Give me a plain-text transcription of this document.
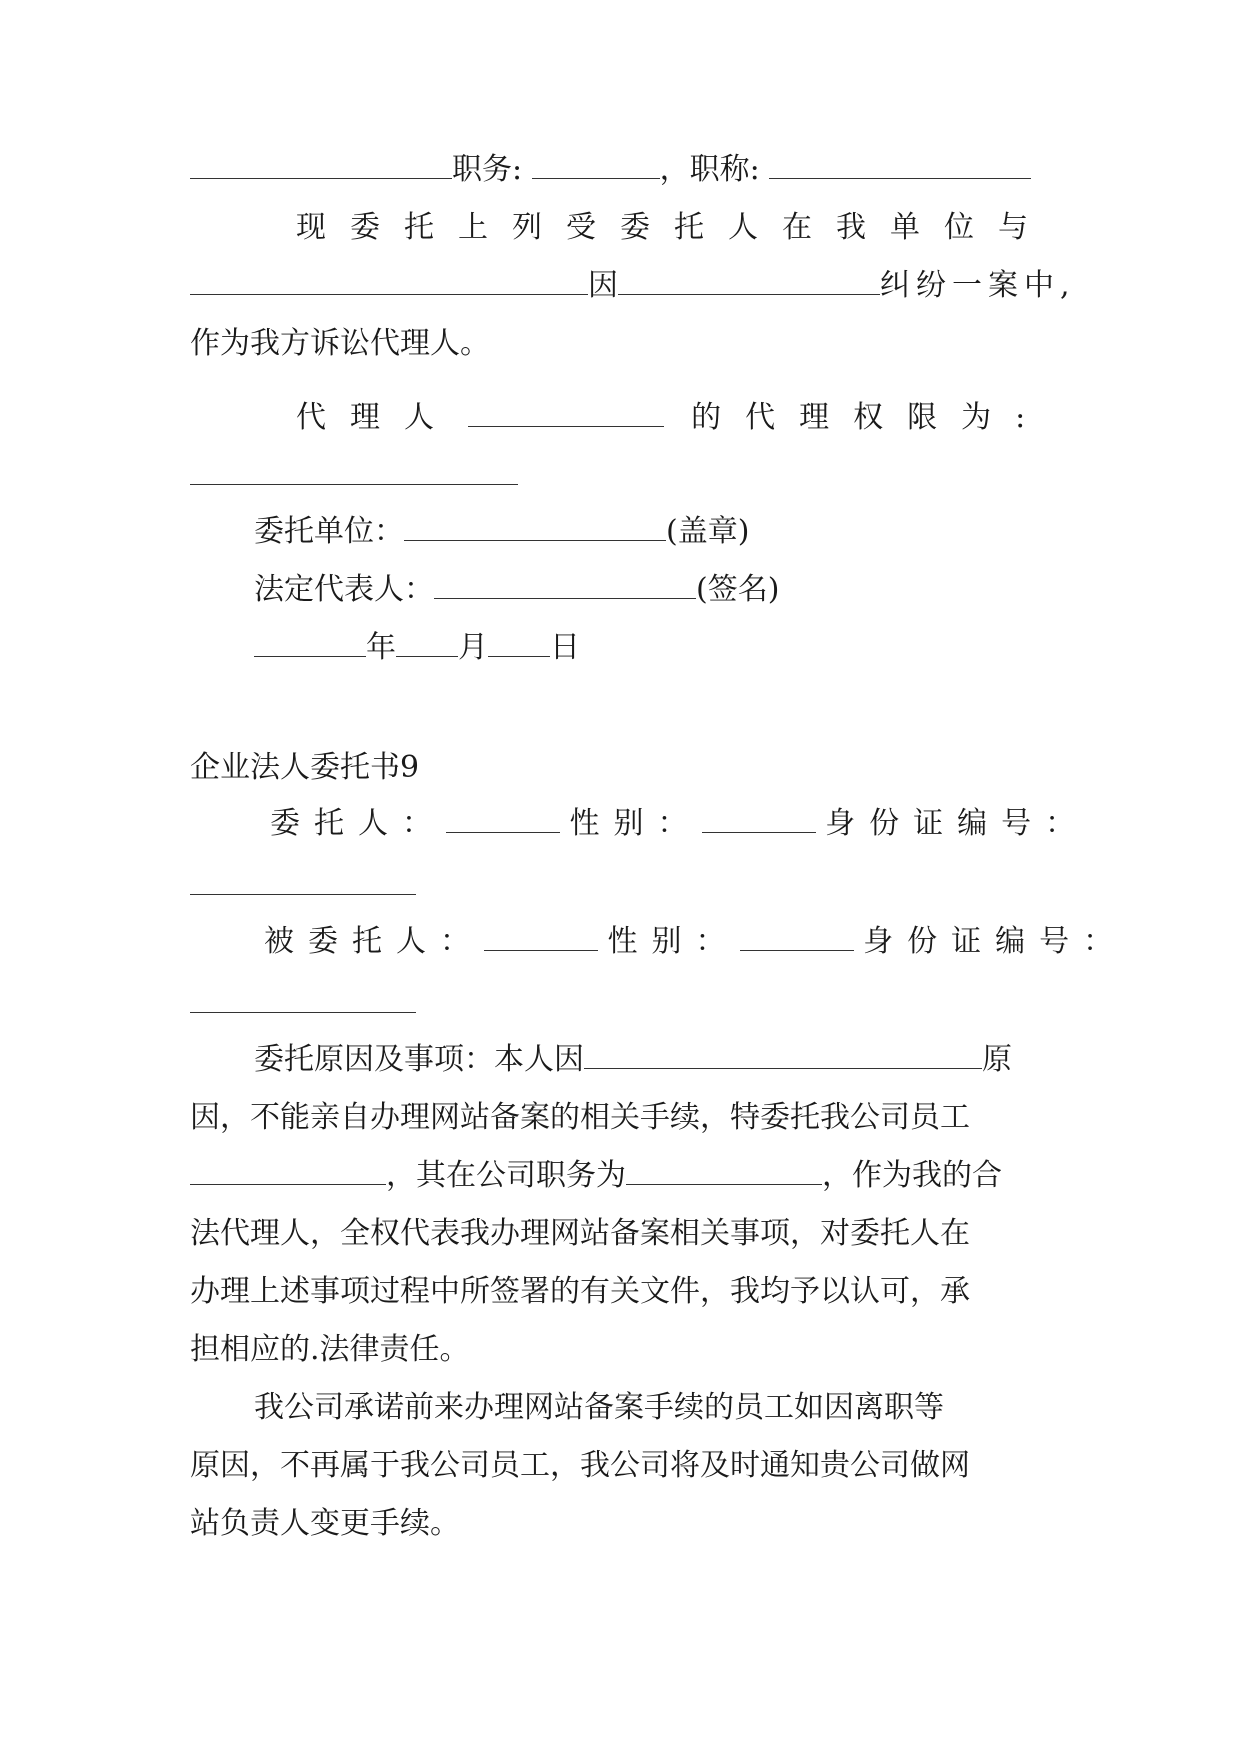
职务:	，职称:
现委托上列受委托人在我单位与
因	纠纷一案中,
作为我方诉讼代理人。
代理人	的代理权限为:
委托单位：	(盖章)
法定代表人：	(签名)
年 月 日
企业法人委托书9
委托人：	性别：	身份证编号：
被委托人：	性别：	身份证编号：
委托原因及事项：本人因	原
因，不能亲自办理网站备案的相关手续，特委托我公司员工
，其在公司职务为	，作为我的合
法代理人，全权代表我办理网站备案相关事项，对委托人在
办理上述事项过程中所签署的有关文件，我均予以认可，承
担相应的.法律责任。
我公司承诺前来办理网站备案手续的员工如因离职等
原因，不再属于我公司员工，我公司将及时通知贵公司做网
站负责人变更手续。
